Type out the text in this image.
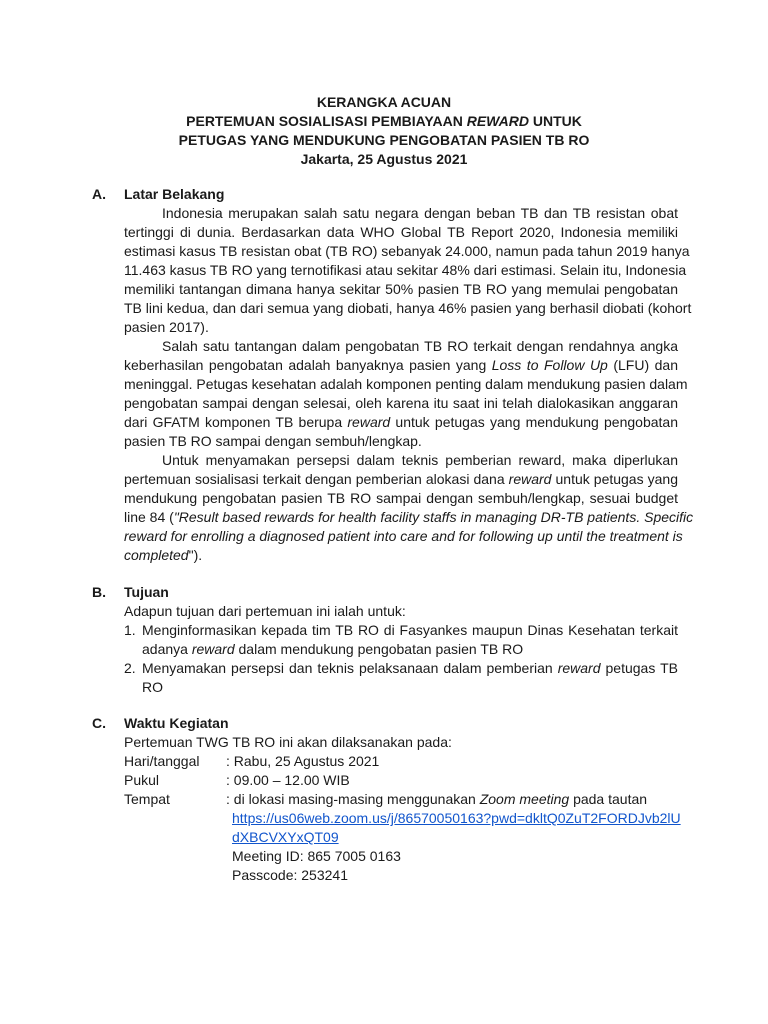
KERANGKA ACUAN
PERTEMUAN SOSIALISASI PEMBIAYAAN REWARD UNTUK
PETUGAS YANG MENDUKUNG PENGOBATAN PASIEN TB RO
Jakarta, 25 Agustus 2021
A. Latar Belakang
Indonesia merupakan salah satu negara dengan beban TB dan TB resistan obat
tertinggi di dunia. Berdasarkan data WHO Global TB Report 2020, Indonesia memiliki
estimasi kasus TB resistan obat (TB RO) sebanyak 24.000, namun pada tahun 2019 hanya
11.463 kasus TB RO yang ternotifikasi atau sekitar 48% dari estimasi. Selain itu, Indonesia
memiliki tantangan dimana hanya sekitar 50% pasien TB RO yang memulai pengobatan
TB lini kedua, dan dari semua yang diobati, hanya 46% pasien yang berhasil diobati (kohort
pasien 2017).
Salah satu tantangan dalam pengobatan TB RO terkait dengan rendahnya angka
keberhasilan pengobatan adalah banyaknya pasien yang Loss to Follow Up (LFU) dan
meninggal. Petugas kesehatan adalah komponen penting dalam mendukung pasien dalam
pengobatan sampai dengan selesai, oleh karena itu saat ini telah dialokasikan anggaran
dari GFATM komponen TB berupa reward untuk petugas yang mendukung pengobatan
pasien TB RO sampai dengan sembuh/lengkap.
Untuk menyamakan persepsi dalam teknis pemberian reward, maka diperlukan
pertemuan sosialisasi terkait dengan pemberian alokasi dana reward untuk petugas yang
mendukung pengobatan pasien TB RO sampai dengan sembuh/lengkap, sesuai budget
line 84 ("Result based rewards for health facility staffs in managing DR-TB patients. Specific
reward for enrolling a diagnosed patient into care and for following up until the treatment is
completed").
B. Tujuan
Adapun tujuan dari pertemuan ini ialah untuk:
1. Menginformasikan kepada tim TB RO di Fasyankes maupun Dinas Kesehatan terkait
adanya reward dalam mendukung pengobatan pasien TB RO
2. Menyamakan persepsi dan teknis pelaksanaan dalam pemberian reward petugas TB
RO
C. Waktu Kegiatan
Pertemuan TWG TB RO ini akan dilaksanakan pada:
Hari/tanggal : Rabu, 25 Agustus 2021
Pukul	: 09.00 – 12.00 WIB
Tempat	: di lokasi masing-masing menggunakan Zoom meeting pada tautan
https://us06web.zoom.us/j/86570050163?pwd=dkltQ0ZuT2FORDJvb2lU
dXBCVXYxQT09
Meeting ID: 865 7005 0163
Passcode: 253241
